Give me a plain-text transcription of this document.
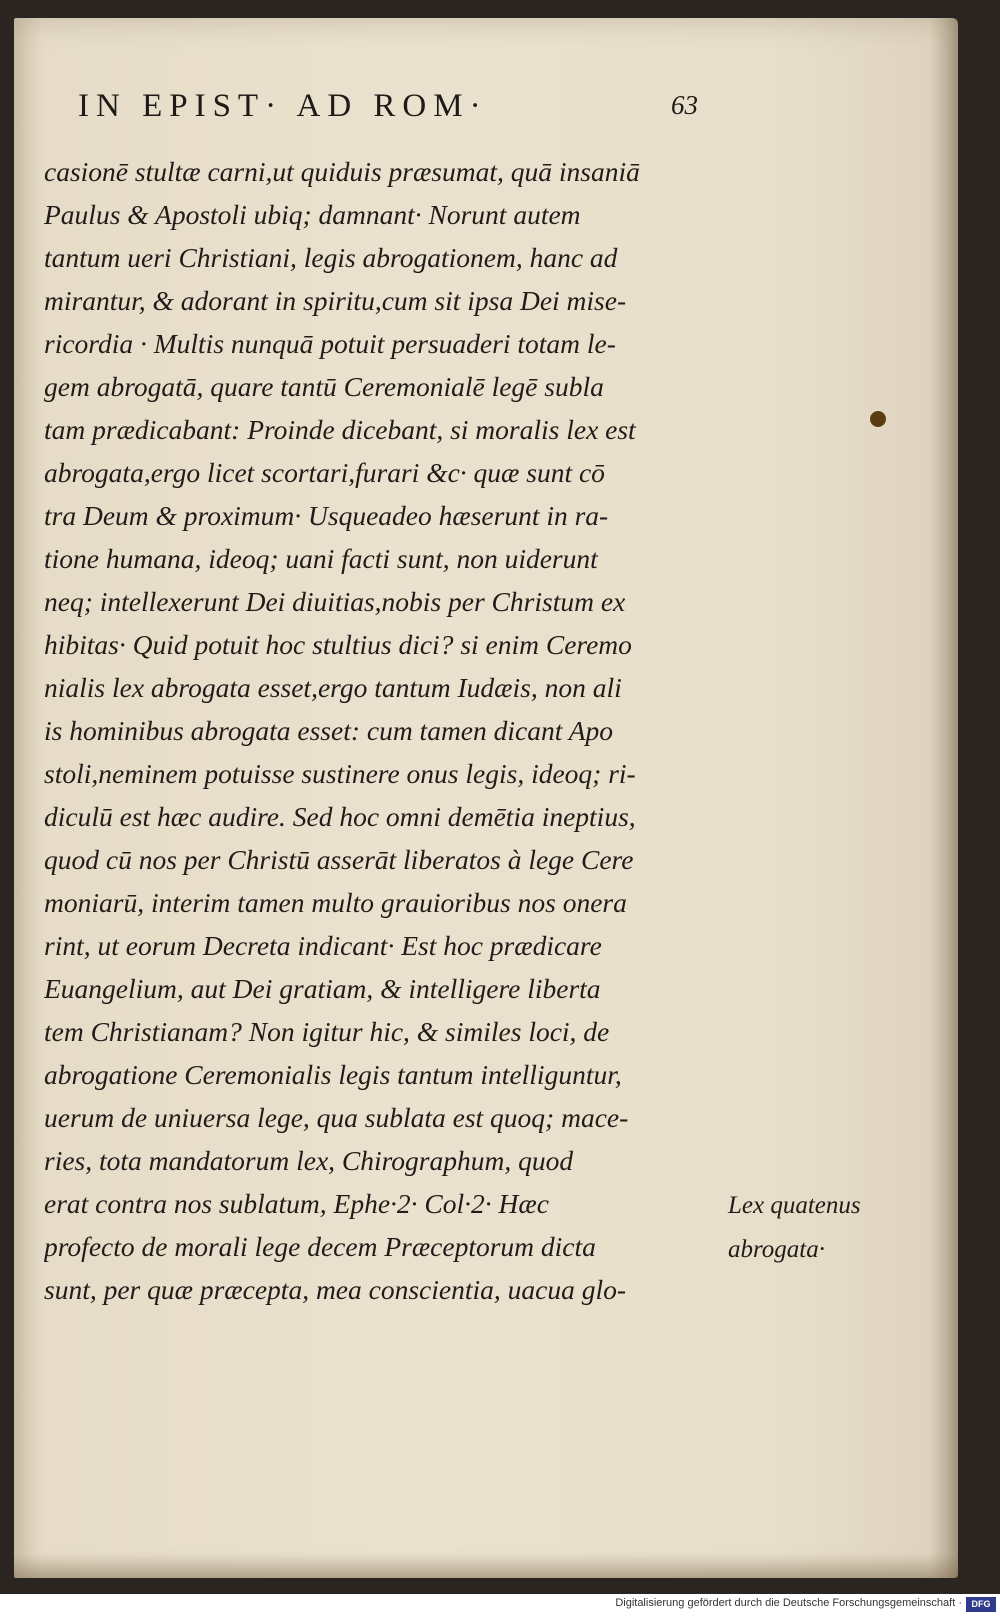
IN EPIST· AD ROM·	63
casionē stultæ carni,ut quiduis præsumat, quā insaniā
Paulus & Apostoli ubiq; damnant· Norunt autem
tantum ueri Christiani, legis abrogationem, hanc ad
mirantur, & adorant in spiritu,cum sit ipsa Dei mise-
ricordia · Multis nunquā potuit persuaderi totam le-
gem abrogatā, quare tantū Ceremonialē legē subla
tam prædicabant: Proinde dicebant, si moralis lex est
abrogata,ergo licet scortari,furari &c· quæ sunt cō
tra Deum & proximum· Usqueadeo hæserunt in ra-
tione humana, ideoq; uani facti sunt, non uiderunt
neq; intellexerunt Dei diuitias,nobis per Christum ex
hibitas· Quid potuit hoc stultius dici? si enim Ceremo
nialis lex abrogata esset,ergo tantum Iudæis, non ali
is hominibus abrogata esset: cum tamen dicant Apo
stoli,neminem potuisse sustinere onus legis, ideoq; ri-
diculū est hæc audire. Sed hoc omni demētia ineptius,
quod cū nos per Christū asserāt liberatos à lege Cere
moniarū, interim tamen multo grauioribus nos onera
rint, ut eorum Decreta indicant· Est hoc prædicare
Euangelium, aut Dei gratiam, & intelligere liberta
tem Christianam? Non igitur hic, & similes loci, de
abrogatione Ceremonialis legis tantum intelliguntur,
uerum de uniuersa lege, qua sublata est quoq; mace-
ries, tota mandatorum lex, Chirographum, quod
erat contra nos sublatum, Ephe·2· Col·2· Hæc
profecto de morali lege decem Præceptorum dicta
sunt, per quæ præcepta, mea conscientia, uacua glo-
Lex quatenus
abrogata·
Digitalisierung gefördert durch die Deutsche Forschungsgemeinschaft ·	DFG
